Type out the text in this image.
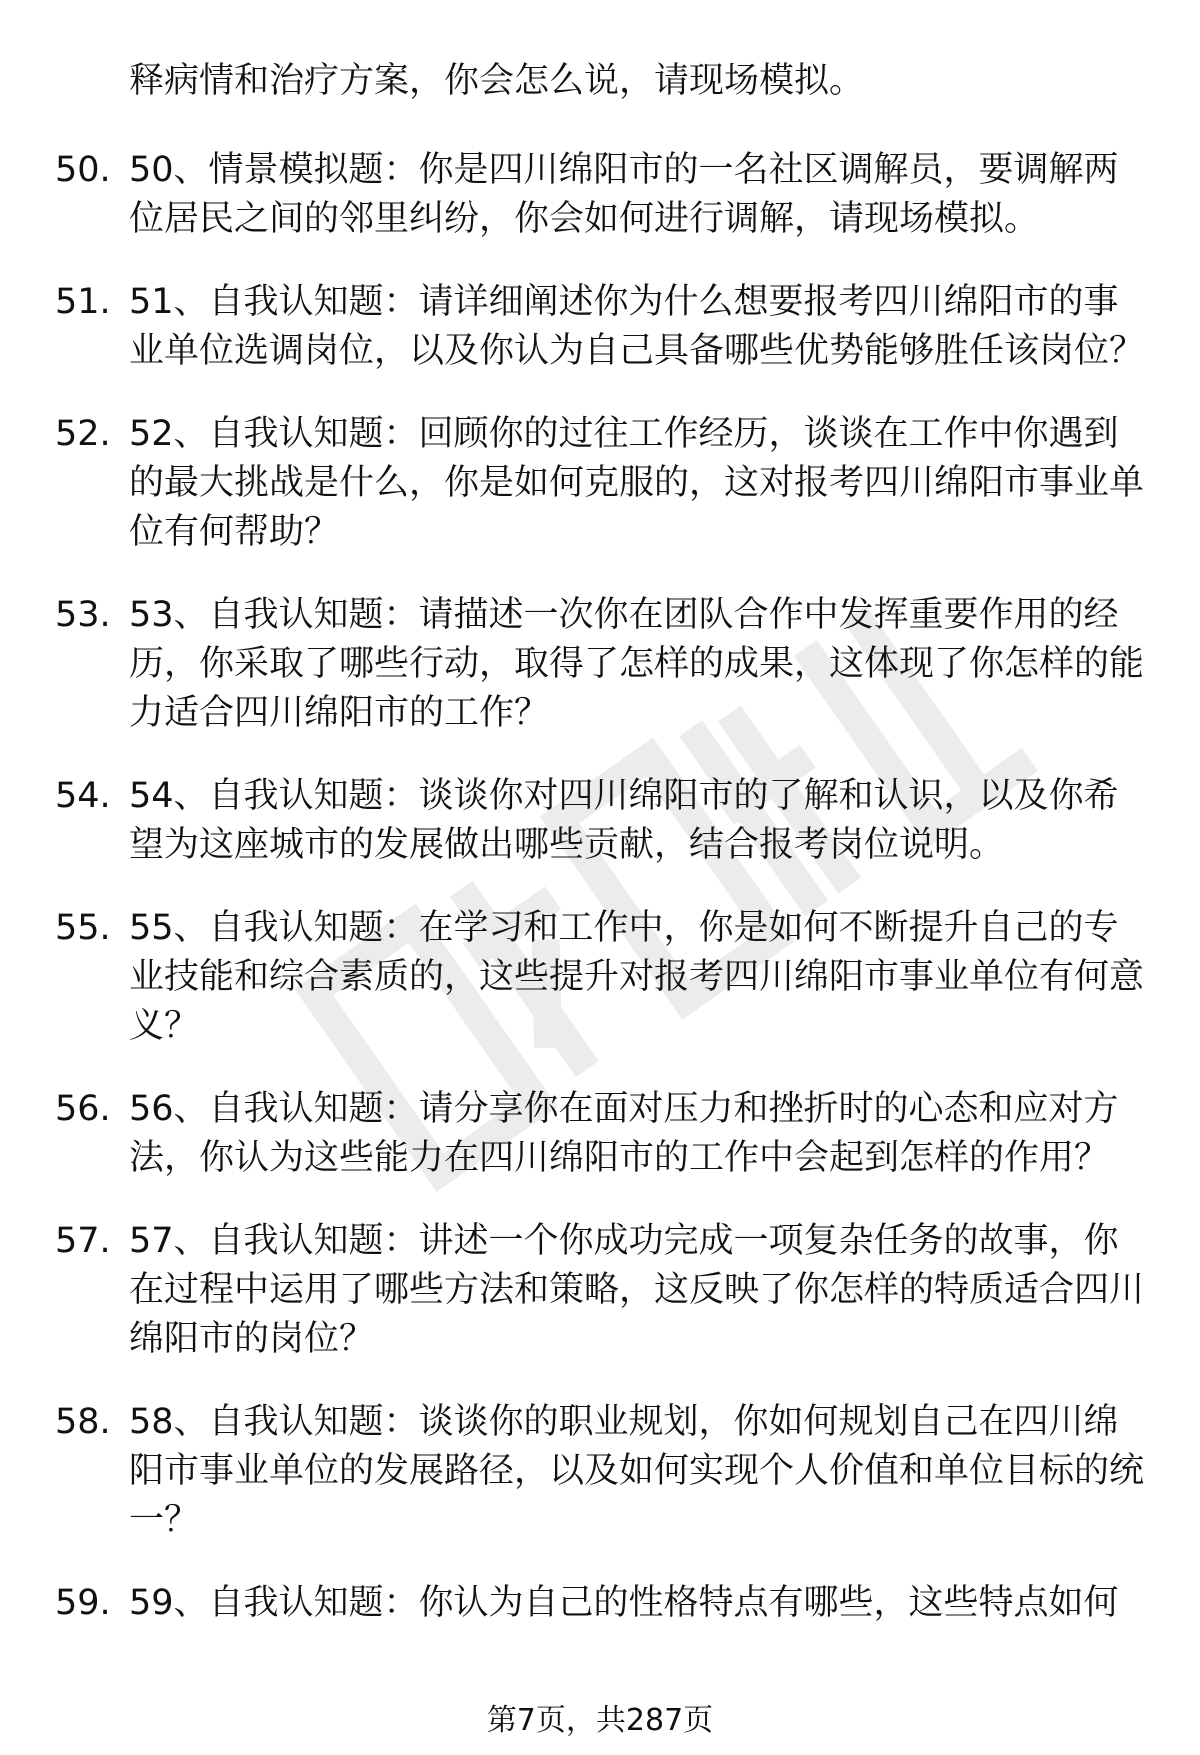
释病情和治疗方案，你会怎么说，请现场模拟。
50. 50、情景模拟题：你是四川绵阳市的一名社区调解员，要调解两位居民之间的邻里纠纷，你会如何进行调解，请现场模拟。
51. 51、自我认知题：请详细阐述你为什么想要报考四川绵阳市的事业单位选调岗位，以及你认为自己具备哪些优势能够胜任该岗位？
52. 52、自我认知题：回顾你的过往工作经历，谈谈在工作中你遇到的最大挑战是什么，你是如何克服的，这对报考四川绵阳市事业单位有何帮助？
53. 53、自我认知题：请描述一次你在团队合作中发挥重要作用的经历，你采取了哪些行动，取得了怎样的成果，这体现了你怎样的能力适合四川绵阳市的工作？
54. 54、自我认知题：谈谈你对四川绵阳市的了解和认识，以及你希望为这座城市的发展做出哪些贡献，结合报考岗位说明。
55. 55、自我认知题：在学习和工作中，你是如何不断提升自己的专业技能和综合素质的，这些提升对报考四川绵阳市事业单位有何意义？
56. 56、自我认知题：请分享你在面对压力和挫折时的心态和应对方法，你认为这些能力在四川绵阳市的工作中会起到怎样的作用？
57. 57、自我认知题：讲述一个你成功完成一项复杂任务的故事，你在过程中运用了哪些方法和策略，这反映了你怎样的特质适合四川绵阳市的岗位？
58. 58、自我认知题：谈谈你的职业规划，你如何规划自己在四川绵阳市事业单位的发展路径，以及如何实现个人价值和单位目标的统一？
59. 59、自我认知题：你认为自己的性格特点有哪些，这些特点如何
第7页，共287页
